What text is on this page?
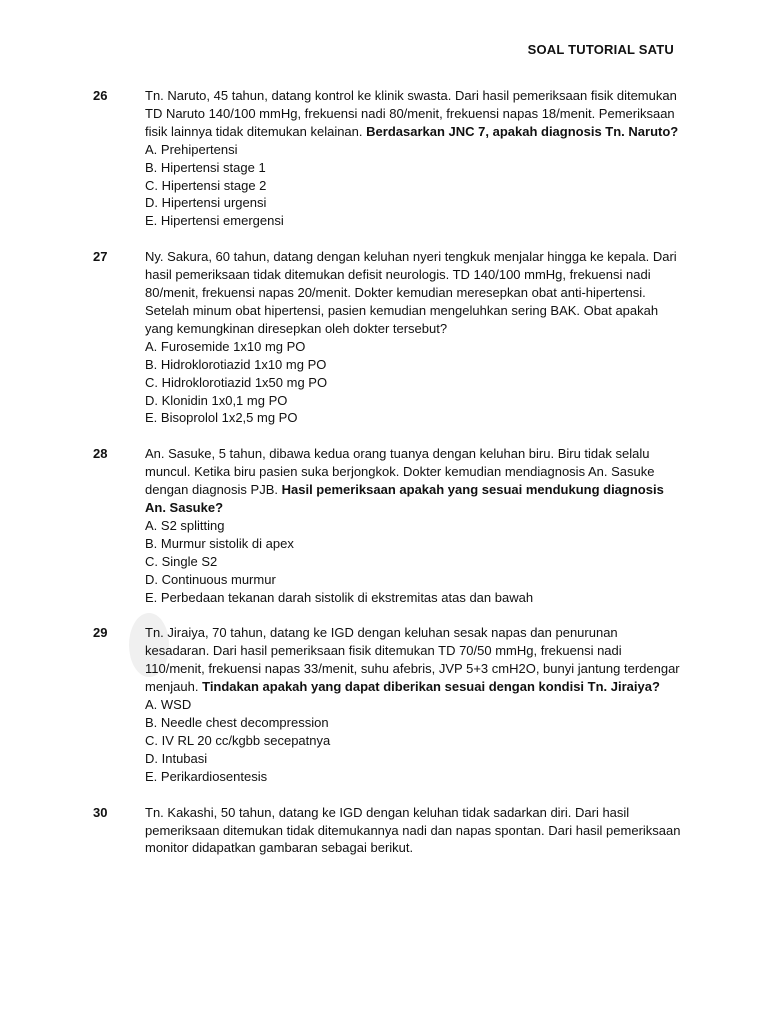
SOAL TUTORIAL SATU
26	Tn. Naruto, 45 tahun, datang kontrol ke klinik swasta. Dari hasil pemeriksaan fisik ditemukan TD Naruto 140/100 mmHg, frekuensi nadi 80/menit, frekuensi napas 18/menit. Pemeriksaan fisik lainnya tidak ditemukan kelainan. Berdasarkan JNC 7, apakah diagnosis Tn. Naruto?

A. Prehipertensi
B. Hipertensi stage 1
C. Hipertensi stage 2
D. Hipertensi urgensi
E. Hipertensi emergensi
27	Ny. Sakura, 60 tahun, datang dengan keluhan nyeri tengkuk menjalar hingga ke kepala. Dari hasil pemeriksaan tidak ditemukan defisit neurologis. TD 140/100 mmHg, frekuensi nadi 80/menit, frekuensi napas 20/menit. Dokter kemudian meresepkan obat anti-hipertensi. Setelah minum obat hipertensi, pasien kemudian mengeluhkan sering BAK. Obat apakah yang kemungkinan diresepkan oleh dokter tersebut?

A. Furosemide 1x10 mg PO
B. Hidroklorotiazid 1x10 mg PO
C. Hidroklorotiazid 1x50 mg PO
D. Klonidin 1x0,1 mg PO
E. Bisoprolol 1x2,5 mg PO
28	An. Sasuke, 5 tahun, dibawa kedua orang tuanya dengan keluhan biru. Biru tidak selalu muncul. Ketika biru pasien suka berjongkok. Dokter kemudian mendiagnosis An. Sasuke dengan diagnosis PJB. Hasil pemeriksaan apakah yang sesuai mendukung diagnosis An. Sasuke?

A. S2 splitting
B. Murmur sistolik di apex
C. Single S2
D. Continuous murmur
E. Perbedaan tekanan darah sistolik di ekstremitas atas dan bawah
29	Tn. Jiraiya, 70 tahun, datang ke IGD dengan keluhan sesak napas dan penurunan kesadaran. Dari hasil pemeriksaan fisik ditemukan TD 70/50 mmHg, frekuensi nadi 110/menit, frekuensi napas 33/menit, suhu afebris, JVP 5+3 cmH2O, bunyi jantung terdengar menjauh. Tindakan apakah yang dapat diberikan sesuai dengan kondisi Tn. Jiraiya?

A. WSD
B. Needle chest decompression
C. IV RL 20 cc/kgbb secepatnya
D. Intubasi
E. Perikardiosentesis
30	Tn. Kakashi, 50 tahun, datang ke IGD dengan keluhan tidak sadarkan diri. Dari hasil pemeriksaan ditemukan tidak ditemukannya nadi dan napas spontan. Dari hasil pemeriksaan monitor didapatkan gambaran sebagai berikut.
